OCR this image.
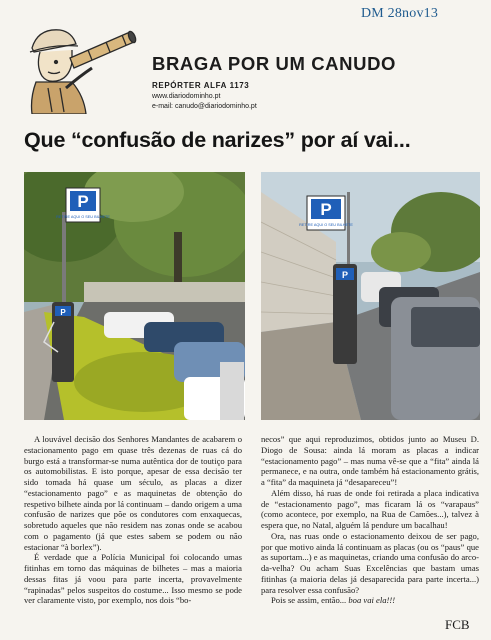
DM 28nov13
BRAGA POR UM CANUDO
REPÓRTER ALFA 1173
www.diariodominho.pt
e-mail: canudo@diariodominho.pt
Que “confusão de narizes” por aí vai...
P
RETIRE AQUI O SEU BILHETE
P
P
RETIRE AQUI O SEU BILHETE
P

A louvável decisão dos Senhores Mandantes de acabarem o estacionamento pago em quase três dezenas de ruas cá do burgo está a transformar-se numa autêntica dor de toutiço para os automobilistas. E isto porque, apesar de essa decisão ter sido tomada há quase um século, as placas a dizer “estacionamento pago” e as maquinetas de obtenção do respetivo bilhete ainda por lá continuam – dando origem a uma confusão de narizes que põe os condutores com enxaquecas, sobretudo aqueles que não residem nas zonas onde se acabou com o pagamento (já que estes sabem se podem ou não estacionar “à borlex”).

É verdade que a Polícia Municipal foi colocando umas fitinhas em torno das máquinas de bilhetes – mas a maioria dessas fitas já voou para parte incerta, provavelmente “rapinadas” pelos suspeitos do costume... Isso mesmo se pode ver claramente visto, por exemplo, nos dois “bo-

necos” que aqui reproduzimos, obtidos junto ao Museu D. Diogo de Sousa: ainda lá moram as placas a indicar “estacionamento pago” – mas numa vê-se que a “fita” ainda lá permanece, e na outra, onde também há estacionamento grátis, a “fita” da maquineta já “desapareceu”!

Além disso, há ruas de onde foi retirada a placa indicativa de “estacionamento pago”, mas ficaram lá os “varapaus” (como acontece, por exemplo, na Rua de Camões...), talvez à espera que, no Natal, alguém lá pendure um bacalhau!

Ora, nas ruas onde o estacionamento deixou de ser pago, por que motivo ainda lá continuam as placas (ou os “paus” que as suportam...) e as maquinetas, criando uma confusão do arco-da-velha? Ou acham Suas Excelências que bastam umas fitinhas (a maioria delas já desaparecida para parte incerta...) para resolver essa confusão?

Pois se assim, então... boa vai ela!!!

FCB
